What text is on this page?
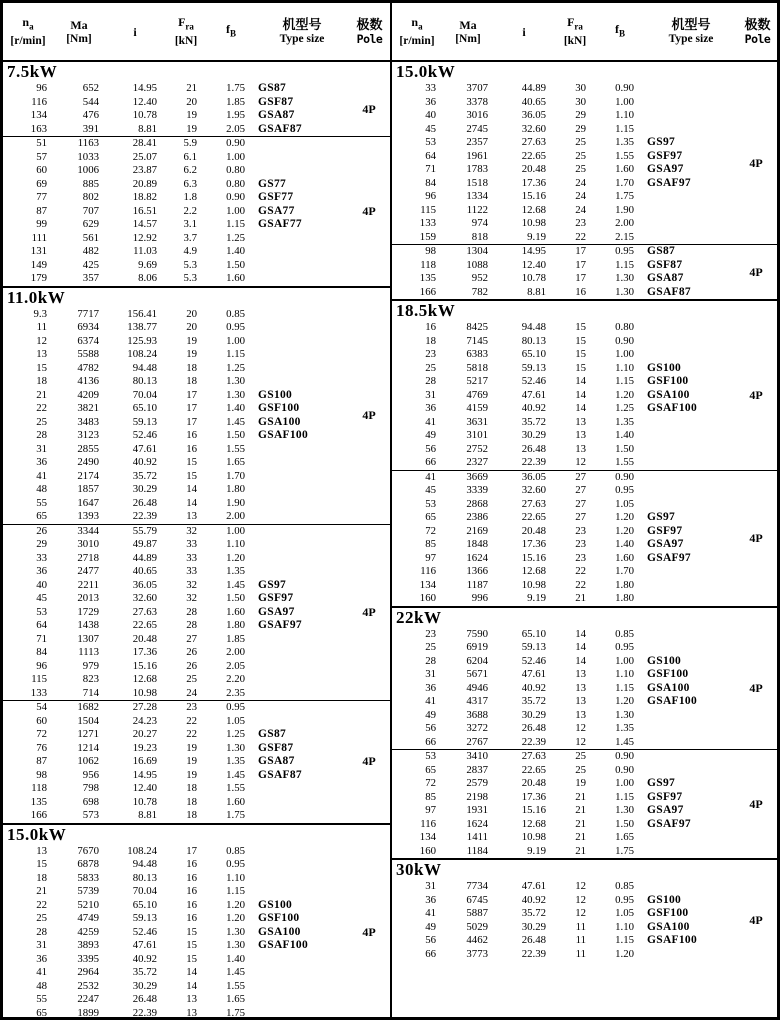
$n_a$
[r/min]
Ma
[Nm]	i
$F_{ra}$
[kN]
$f_B$
机型号
Type size
极数
Pole
7.5kW
96	652	14.95	21	1.75	GS87
116	544	12.40	20	1.85	GSF87
134	476	10.78	19	1.95	GSA87
163	391	8.81	19	2.05	GSAF87
4P
51	1163	28.41	5.9	0.90
57	1033	25.07	6.1	1.00
60	1006	23.87	6.2	0.80
69	885	20.89	6.3	0.80	GS77
77	802	18.82	1.8	0.90	GSF77
87	707	16.51	2.2	1.00	GSA77
99	629	14.57	3.1	1.15	GSAF77
111	561	12.92	3.7	1.25
131	482	11.03	4.9	1.40
149	425	9.69	5.3	1.50
179	357	8.06	5.3	1.60
4P
11.0kW
9.3	7717	156.41	20	0.85
11	6934	138.77	20	0.95
12	6374	125.93	19	1.00
13	5588	108.24	19	1.15
15	4782	94.48	18	1.25
18	4136	80.13	18	1.30
21	4209	70.04	17	1.30	GS100
22	3821	65.10	17	1.40	GSF100
25	3483	59.13	17	1.45	GSA100
28	3123	52.46	16	1.50	GSAF100
31	2855	47.61	16	1.55
36	2490	40.92	15	1.65
41	2174	35.72	15	1.70
48	1857	30.29	14	1.80
55	1647	26.48	14	1.90
65	1393	22.39	13	2.00
4P
26	3344	55.79	32	1.00
29	3010	49.87	33	1.10
33	2718	44.89	33	1.20
36	2477	40.65	33	1.35
40	2211	36.05	32	1.45	GS97
45	2013	32.60	32	1.50	GSF97
53	1729	27.63	28	1.60	GSA97
64	1438	22.65	28	1.80	GSAF97
71	1307	20.48	27	1.85
84	1113	17.36	26	2.00
96	979	15.16	26	2.05
115	823	12.68	25	2.20
133	714	10.98	24	2.35
4P
54	1682	27.28	23	0.95
60	1504	24.23	22	1.05
72	1271	20.27	22	1.25	GS87
76	1214	19.23	19	1.30	GSF87
87	1062	16.69	19	1.35	GSA87
98	956	14.95	19	1.45	GSAF87
118	798	12.40	18	1.55
135	698	10.78	18	1.60
166	573	8.81	18	1.75
4P
15.0kW
13	7670	108.24	17	0.85
15	6878	94.48	16	0.95
18	5833	80.13	16	1.10
21	5739	70.04	16	1.15
22	5210	65.10	16	1.20	GS100
25	4749	59.13	16	1.20	GSF100
28	4259	52.46	15	1.30	GSA100
31	3893	47.61	15	1.30	GSAF100
36	3395	40.92	15	1.40
41	2964	35.72	14	1.45
48	2532	30.29	14	1.55
55	2247	26.48	13	1.65
65	1899	22.39	13	1.75
4P
$n_a$
[r/min]
Ma
[Nm]	i
$F_{ra}$
[kN]
$f_B$
机型号
Type size
极数
Pole
15.0kW
33	3707	44.89	30	0.90
36	3378	40.65	30	1.00
40	3016	36.05	29	1.10
45	2745	32.60	29	1.15
53	2357	27.63	25	1.35	GS97
64	1961	22.65	25	1.55	GSF97
71	1783	20.48	25	1.60	GSA97
84	1518	17.36	24	1.70	GSAF97
96	1334	15.16	24	1.75
115	1122	12.68	24	1.90
133	974	10.98	23	2.00
159	818	9.19	22	2.15
4P
98	1304	14.95	17	0.95	GS87
118	1088	12.40	17	1.15	GSF87
135	952	10.78	17	1.30	GSA87
166	782	8.81	16	1.30	GSAF87
4P
18.5kW
16	8425	94.48	15	0.80
18	7145	80.13	15	0.90
23	6383	65.10	15	1.00
25	5818	59.13	15	1.10	GS100
28	5217	52.46	14	1.15	GSF100
31	4769	47.61	14	1.20	GSA100
36	4159	40.92	14	1.25	GSAF100
41	3631	35.72	13	1.35
49	3101	30.29	13	1.40
56	2752	26.48	13	1.50
66	2327	22.39	12	1.55
4P
41	3669	36.05	27	0.90
45	3339	32.60	27	0.95
53	2868	27.63	27	1.05
65	2386	22.65	27	1.20	GS97
72	2169	20.48	23	1.20	GSF97
85	1848	17.36	23	1.40	GSA97
97	1624	15.16	23	1.60	GSAF97
116	1366	12.68	22	1.70
134	1187	10.98	22	1.80
160	996	9.19	21	1.80
4P
22kW
23	7590	65.10	14	0.85
25	6919	59.13	14	0.95
28	6204	52.46	14	1.00	GS100
31	5671	47.61	13	1.10	GSF100
36	4946	40.92	13	1.15	GSA100
41	4317	35.72	13	1.20	GSAF100
49	3688	30.29	13	1.30
56	3272	26.48	12	1.35
66	2767	22.39	12	1.45
4P
53	3410	27.63	25	0.90
65	2837	22.65	25	0.90
72	2579	20.48	19	1.00	GS97
85	2198	17.36	21	1.15	GSF97
97	1931	15.16	21	1.30	GSA97
116	1624	12.68	21	1.50	GSAF97
134	1411	10.98	21	1.65
160	1184	9.19	21	1.75
4P
30kW
31	7734	47.61	12	0.85
36	6745	40.92	12	0.95	GS100
41	5887	35.72	12	1.05	GSF100
49	5029	30.29	11	1.10	GSA100
56	4462	26.48	11	1.15	GSAF100
66	3773	22.39	11	1.20
4P
